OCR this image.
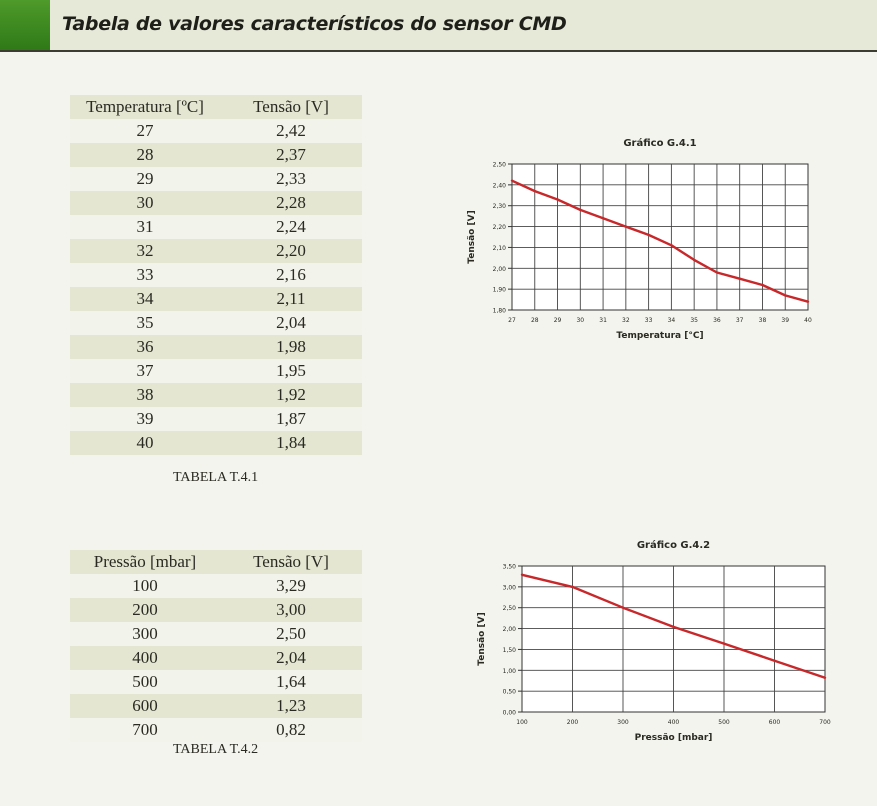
Tabela de valores característicos do sensor CMD
Temperatura [ºC]	Tensão [V]
27	2,42
28	2,37
29	2,33
30	2,28
31	2,24
32	2,20
33	2,16
34	2,11
35	2,04
36	1,98
37	1,95
38	1,92
39	1,87
40	1,84
TABELA T.4.1
Pressão [mbar]	Tensão [V]
100	3,29
200	3,00
300	2,50
400	2,04
500	1,64
600	1,23
700	0,82
TABELA T.4.2
Gráfico G.4.1
1,80
1,90
2,00
2,10
2,20
2,30
2,40
2,50
27	28	29	30	31	32	33	34	35	36	37	38	39	40
Temperatura [°C]
Tensão [V]
Gráfico G.4.2
0,00
0,50
1,00
1,50
2,00
2,50
3,00
3,50
100	200	300	400	500	600	700
Pressão [mbar]
Tensão [V]
